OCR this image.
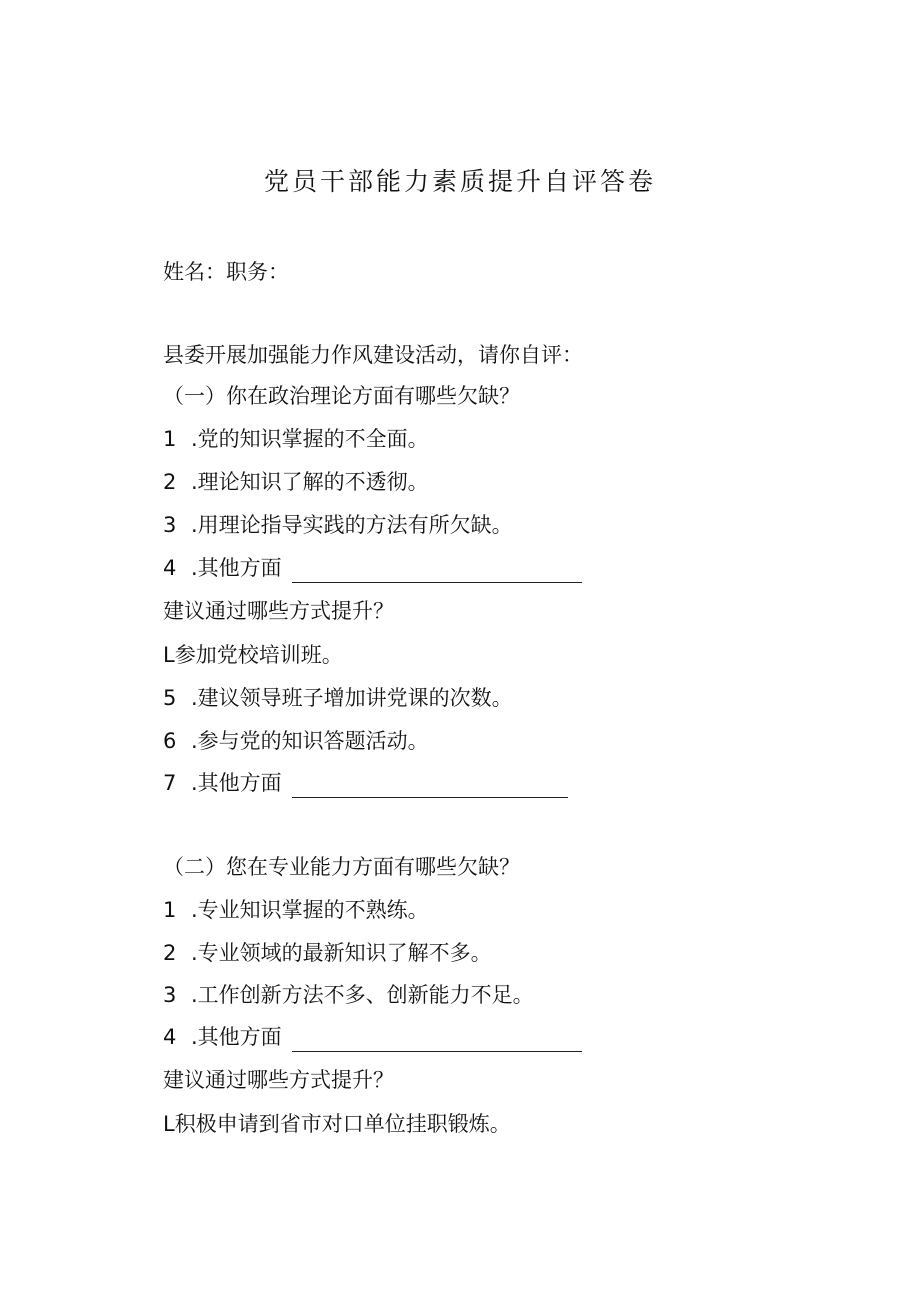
党员干部能力素质提升自评答卷
姓名：职务：
县委开展加强能力作风建设活动，请你自评：
（一）你在政治理论方面有哪些欠缺？
1 .党的知识掌握的不全面。
2 .理论知识了解的不透彻。
3 .用理论指导实践的方法有所欠缺。
4 .其他方面
建议通过哪些方式提升？
L参加党校培训班。
5 .建议领导班子增加讲党课的次数。
6 .参与党的知识答题活动。
7 .其他方面
（二）您在专业能力方面有哪些欠缺？
1 .专业知识掌握的不熟练。
2 .专业领域的最新知识了解不多。
3 .工作创新方法不多、创新能力不足。
4 .其他方面
建议通过哪些方式提升？
L积极申请到省市对口单位挂职锻炼。
